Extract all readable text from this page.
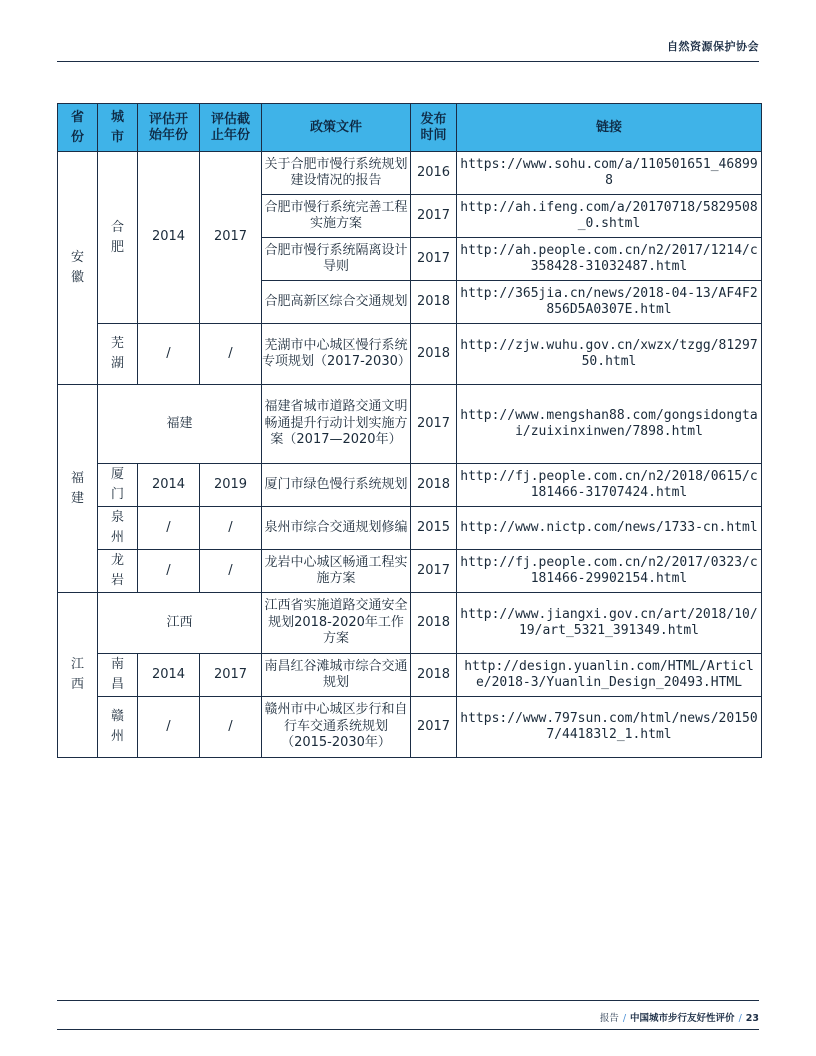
自然资源保护协会
省份	城市	评估开始年份	评估截止年份	政策文件	发布时间	链接

安徽	合肥	2014	2017	关于合肥市慢行系统规划建设情况的报告	2016	https://www.sohu.com/a/110501651_468998
				合肥市慢行系统完善工程实施方案	2017	http://ah.ifeng.com/a/20170718/5829508_0.shtml
				合肥市慢行系统隔离设计导则	2017	http://ah.people.com.cn/n2/2017/1214/c358428-31032487.html
				合肥高新区综合交通规划	2018	http://365jia.cn/news/2018-04-13/AF4F2856D5A0307E.html

	芜湖	/	/	芜湖市中心城区慢行系统专项规划（2017-2030）	2018	http://zjw.wuhu.gov.cn/xwzx/tzgg/8129750.html

福建	福建			福建省城市道路交通文明畅通提升行动计划实施方案（2017—2020年）	2017	http://www.mengshan88.com/gongsidongtai/zuixinxinwen/7898.html

	厦门	2014	2019	厦门市绿色慢行系统规划	2018	http://fj.people.com.cn/n2/2018/0615/c181466-31707424.html

	泉州	/	/	泉州市综合交通规划修编	2015	http://www.nictp.com/news/1733-cn.html

	龙岩	/	/	龙岩中心城区畅通工程实施方案	2017	http://fj.people.com.cn/n2/2017/0323/c181466-29902154.html

江西	江西			江西省实施道路交通安全规划2018-2020年工作方案	2018	http://www.jiangxi.gov.cn/art/2018/10/19/art_5321_391349.html

	南昌	2014	2017	南昌红谷滩城市综合交通规划	2018	http://design.yuanlin.com/HTML/Article/2018-3/Yuanlin_Design_20493.HTML

	赣州	/	/	赣州市中心城区步行和自行车交通系统规划（2015-2030年）	2017	https://www.797sun.com/html/news/201507/44183l2_1.html
报告 / 中国城市步行友好性评价 / 23
